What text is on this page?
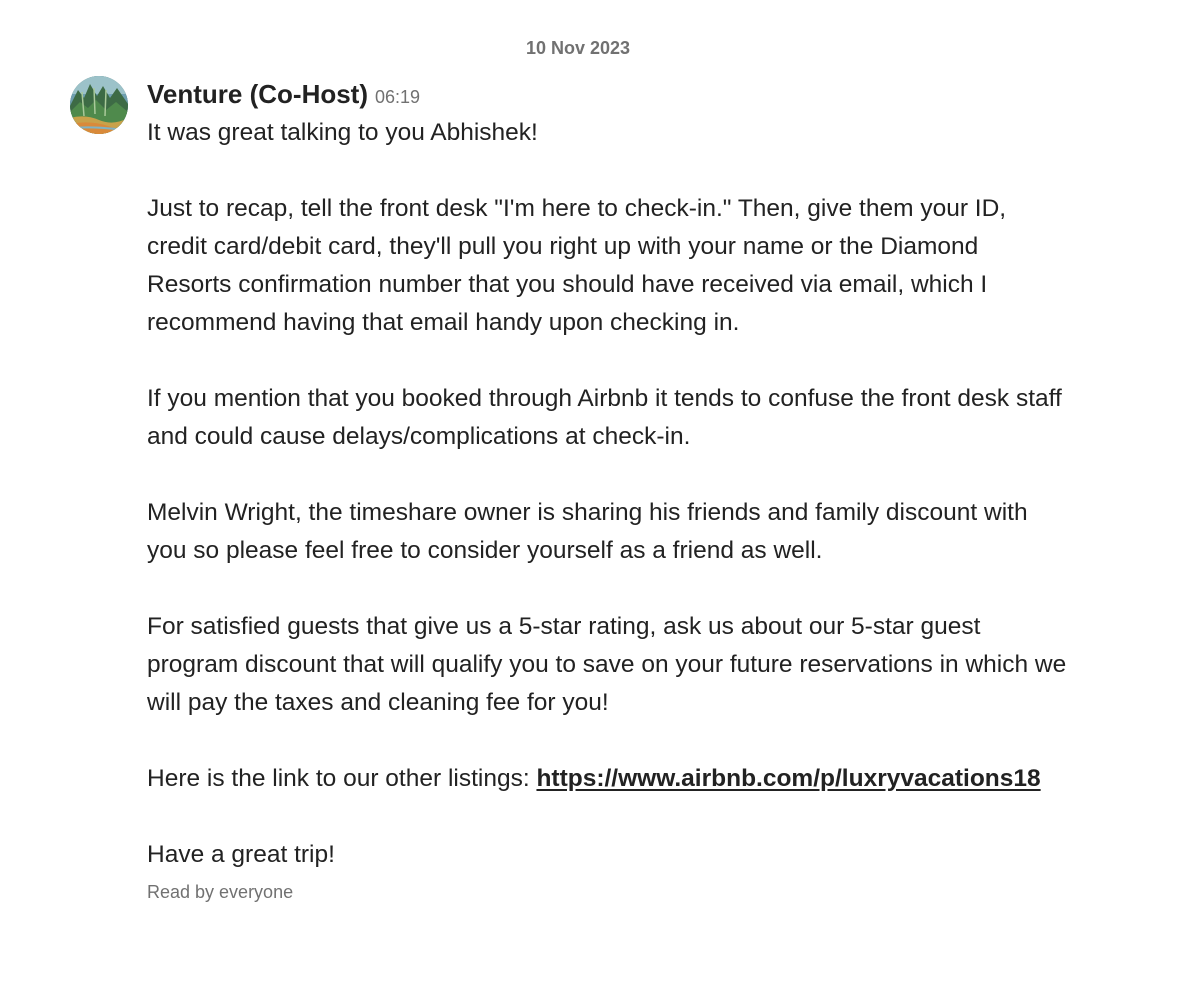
10 Nov 2023
Venture (Co-Host) 06:19

It was great talking to you Abhishek!

Just to recap, tell the front desk "I'm here to check-in." Then, give them your ID, credit card/debit card, they'll pull you right up with your name or the Diamond Resorts confirmation number that you should have received via email, which I recommend having that email handy upon checking in.

If you mention that you booked through Airbnb it tends to confuse the front desk staff and could cause delays/complications at check-in.

Melvin Wright, the timeshare owner is sharing his friends and family discount with you so please feel free to consider yourself as a friend as well.

For satisfied guests that give us a 5-star rating, ask us about our 5-star guest program discount that will qualify you to save on your future reservations in which we will pay the taxes and cleaning fee for you!

Here is the link to our other listings: https://www.airbnb.com/p/luxryvacations18

Have a great trip!

Read by everyone
